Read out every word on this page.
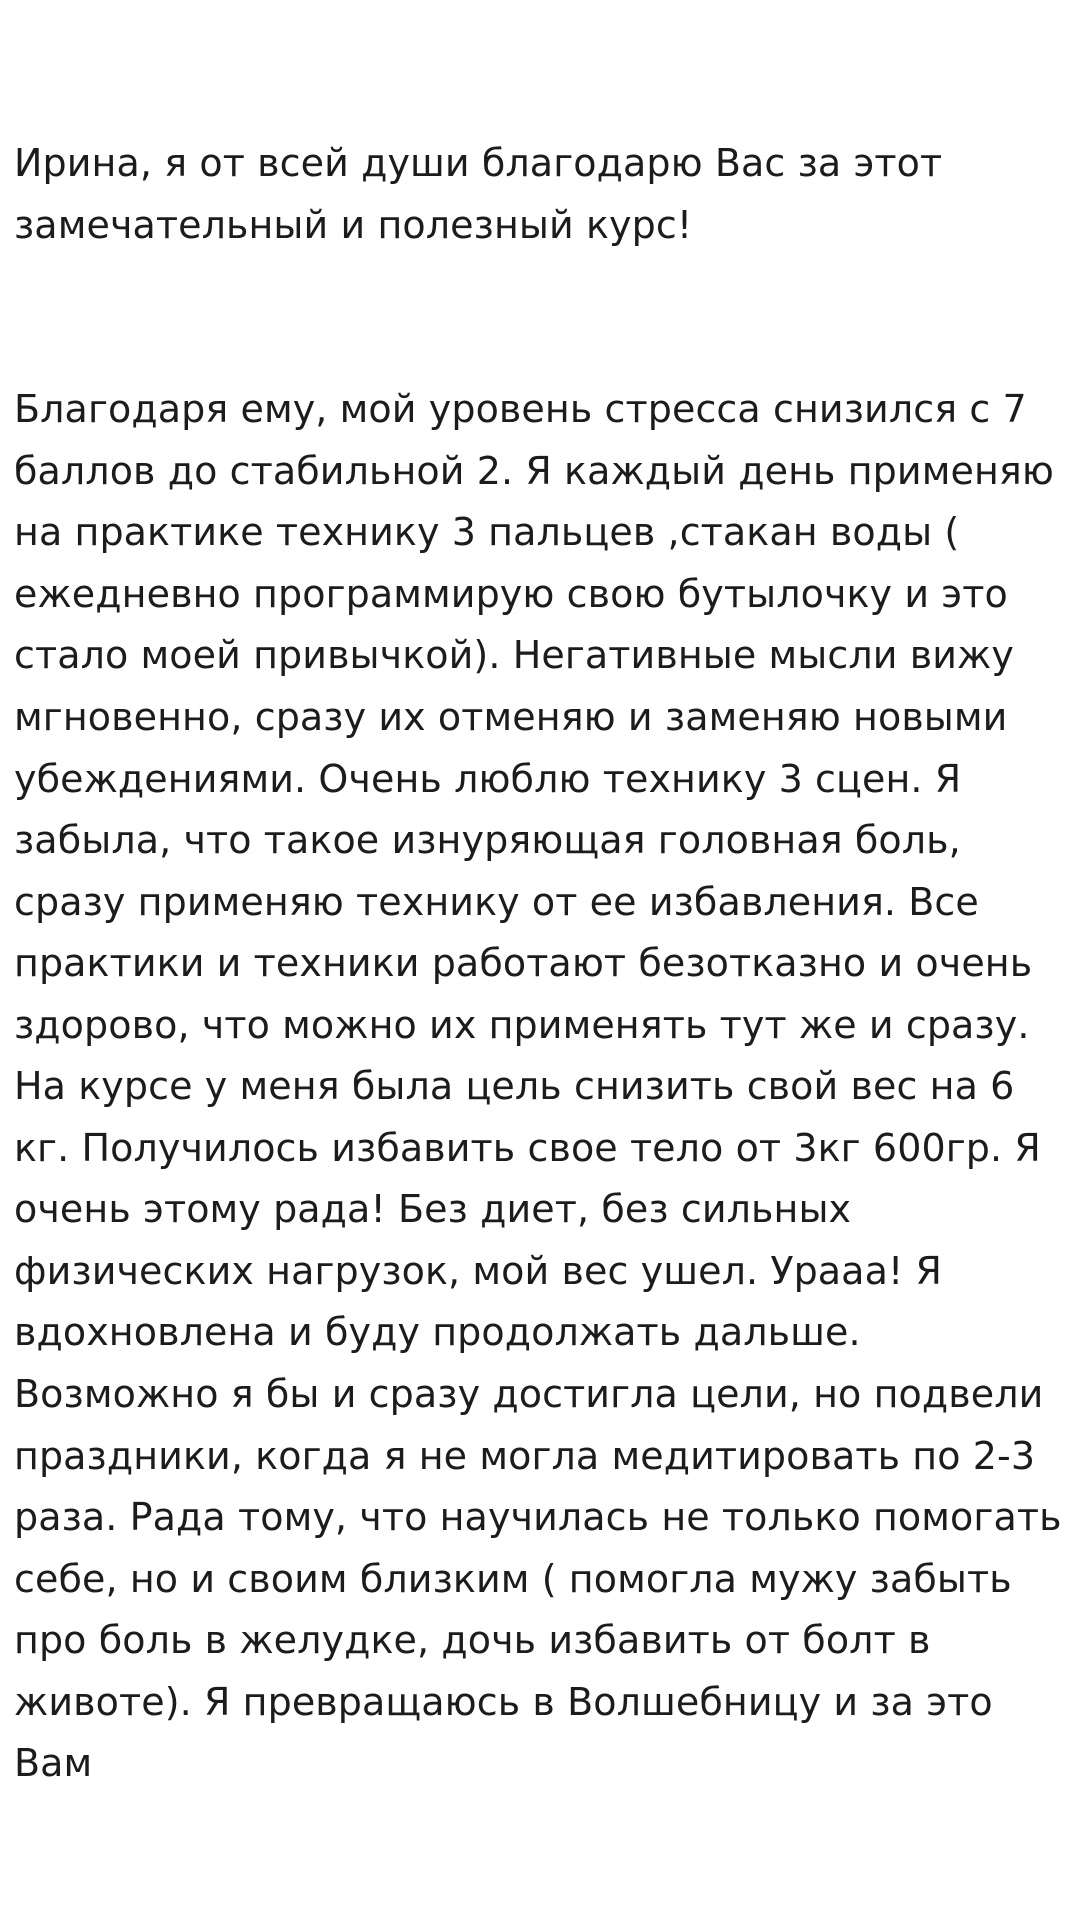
Ирина, я от всей души благодарю Вас за этот замечательный и полезный курс!

Благодаря ему, мой уровень стресса снизился с 7 баллов до стабильной 2. Я каждый день применяю на практике технику 3 пальцев ,стакан воды ( ежедневно программирую свою бутылочку и это стало моей привычкой). Негативные мысли вижу мгновенно, сразу их отменяю и заменяю новыми убеждениями. Очень люблю технику 3 сцен. Я забыла, что такое изнуряющая головная боль, сразу применяю технику от ее избавления. Все практики и техники работают безотказно и очень здорово, что можно их применять тут же и сразу. На курсе у меня была цель снизить свой вес на 6 кг. Получилось избавить свое тело от 3кг 600гр. Я очень этому рада! Без диет, без сильных физических нагрузок, мой вес ушел. Урааа! Я вдохновлена и буду продолжать дальше. Возможно я бы и сразу достигла цели, но подвели праздники, когда я не могла медитировать по 2-3 раза. Рада тому, что научилась не только помогать себе, но и своим близким ( помогла мужу забыть про боль в желудке, дочь избавить от болт в животе). Я превращаюсь в Волшебницу и за это Вам
